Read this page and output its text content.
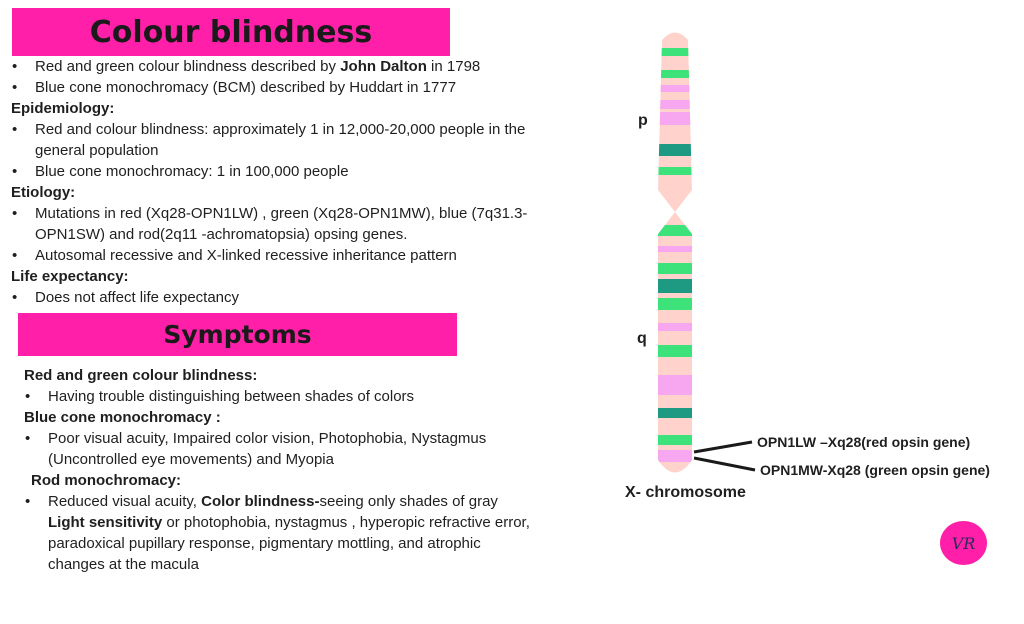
Colour blindness
• Red and green colour blindness described by John Dalton in 1798
• Blue cone monochromacy (BCM) described by Huddart in 1777
Epidemiology:
• Red and colour blindness: approximately 1 in 12,000-20,000 people in the
general population
• Blue cone monochromacy: 1 in 100,000 people
Etiology:
• Mutations in red (Xq28-OPN1LW) , green (Xq28-OPN1MW), blue (7q31.3-
OPN1SW) and rod(2q11 -achromatopsia) opsing genes.
• Autosomal recessive and X-linked recessive inheritance pattern
Life expectancy:
• Does not affect life expectancy
Symptoms
Red and green colour blindness:
• Having trouble distinguishing between shades of colors
Blue cone monochromacy :
• Poor visual acuity, Impaired color vision, Photophobia, Nystagmus
(Uncontrolled eye movements) and Myopia
Rod monochromacy:
• Reduced visual acuity, Color blindness-seeing only shades of gray
Light sensitivity or photophobia, nystagmus , hyperopic refractive error,
paradoxical pupillary response, pigmentary mottling, and atrophic
changes at the macula
p
q
OPN1LW –Xq28(red opsin gene)
OPN1MW-Xq28 (green opsin gene)
X- chromosome
VR
